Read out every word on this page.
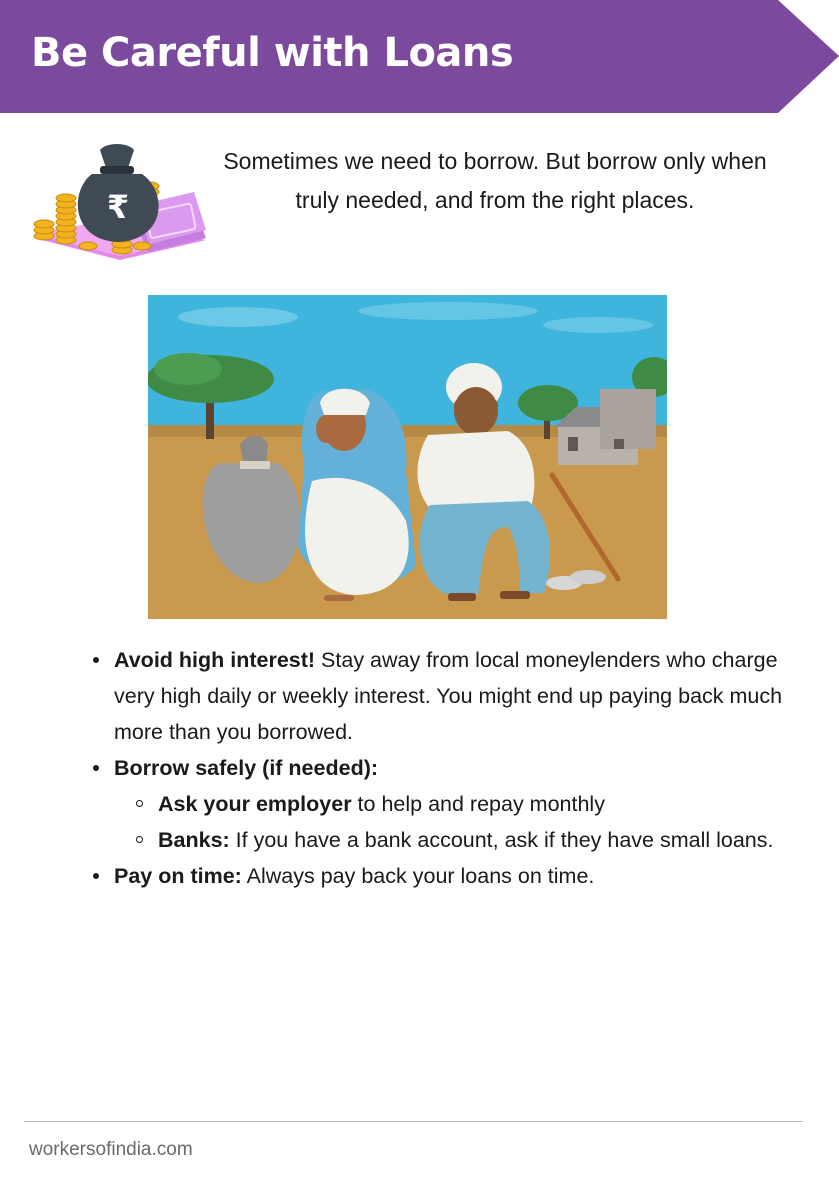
Be Careful with Loans
₹

Sometimes we need to borrow. But borrow only when truly needed, and from the right places.

Avoid high interest! Stay away from local moneylenders who charge very high daily or weekly interest. You might end up paying back much more than you borrowed.
Borrow safely (if needed):
Ask your employer to help and repay monthly
Banks: If you have a bank account, ask if they have small loans.
Pay on time: Always pay back your loans on time.
workersofindia.com
